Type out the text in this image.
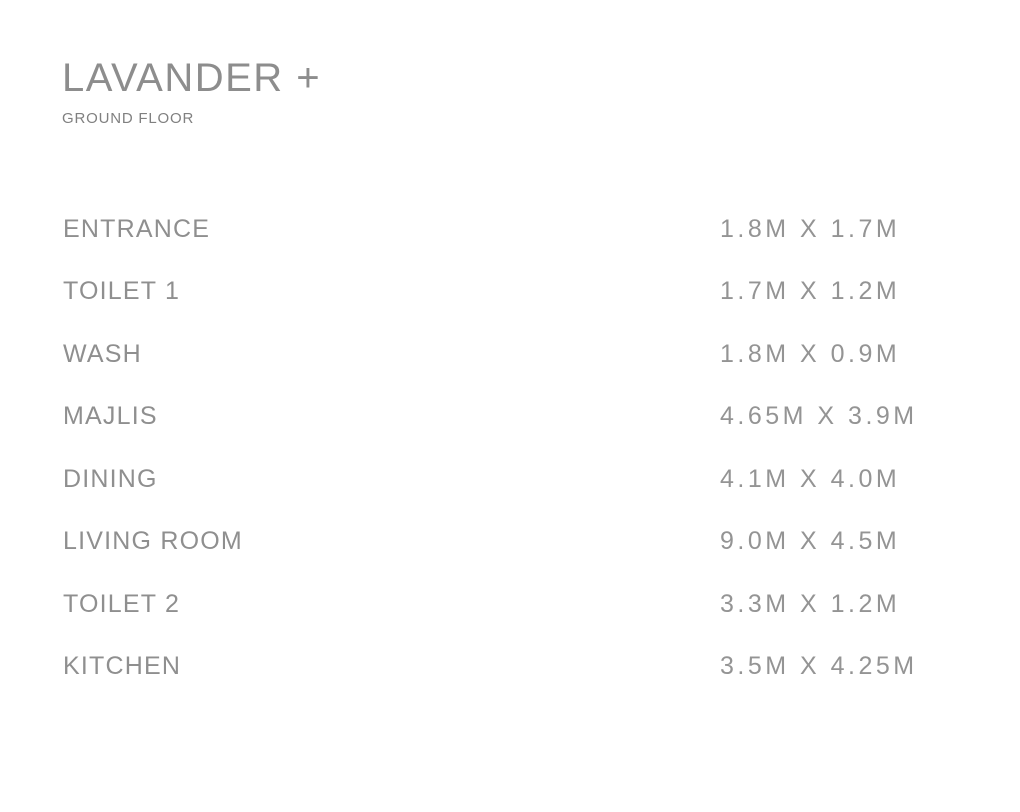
LAVANDER +
GROUND FLOOR
ENTRANCE	1.8M X 1.7M
TOILET 1	1.7M X 1.2M
WASH	1.8M X 0.9M
MAJLIS	4.65M X 3.9M
DINING	4.1M X 4.0M
LIVING ROOM	9.0M X 4.5M
TOILET 2	3.3M X 1.2M
KITCHEN	3.5M X 4.25M
